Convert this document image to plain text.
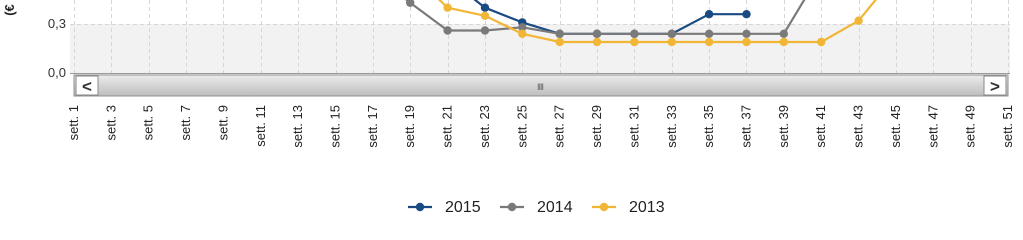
(€
0,3
0,0
<	>
IIII
sett. 1 sett. 3 sett. 5 sett. 7 sett. 9 sett. 11 sett. 13 sett. 15 sett. 17 sett. 19 sett. 21 sett. 23 sett. 25 sett. 27 sett. 29 sett. 31 sett. 33 sett. 35 sett. 37 sett. 39 sett. 41 sett. 43 sett. 45 sett. 47 sett. 49 sett. 51
2015	2014	2013
